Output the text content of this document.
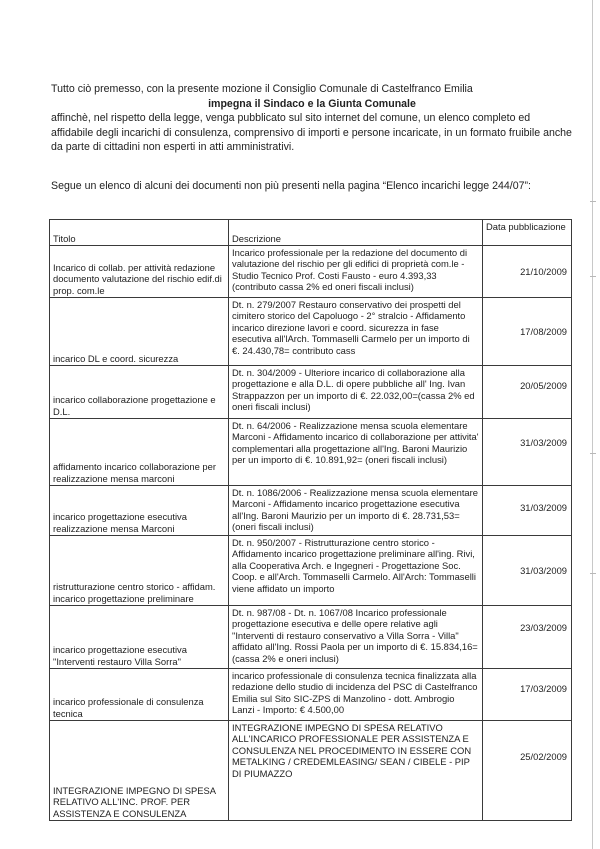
Tutto ciò premesso, con la presente mozione il Consiglio Comunale di Castelfranco Emilia

impegna il Sindaco e la Giunta Comunale

affinchè, nel rispetto della legge, venga pubblicato sul sito internet del comune, un elenco completo ed affidabile degli incarichi di consulenza, comprensivo di importi e persone incaricate, in un formato fruibile anche da parte di cittadini non esperti in atti amministrativi.

Segue un elenco di alcuni dei documenti non più presenti nella pagina “Elenco incarichi legge 244/07”:
Titolo	Descrizione	Data pubblicazione
Incarico di collab. per attività redazione documento valutazione del rischio edif.di prop. com.le	Incarico professionale per la redazione del documento di valutazione del rischio per gli edifici di proprietà com.le - Studio Tecnico Prof. Costi Fausto - euro 4.393,33 (contributo cassa 2% ed oneri fiscali inclusi)	21/10/2009
incarico DL e coord. sicurezza	Dt. n. 279/2007 Restauro conservativo dei prospetti del cimitero storico del Capoluogo - 2° stralcio - Affidamento incarico direzione lavori e coord. sicurezza in fase esecutiva all'lArch. Tommaselli Carmelo per un importo di €. 24.430,78= contributo cass	17/08/2009
incarico collaborazione progettazione e D.L.	Dt. n. 304/2009 - Ulteriore incarico di collaborazione alla progettazione e alla D.L. di opere pubbliche all' Ing. Ivan Strappazzon per un importo di €. 22.032,00=(cassa 2% ed oneri fiscali inclusi)	20/05/2009
affidamento incarico collaborazione per realizzazione mensa marconi	Dt. n. 64/2006 - Realizzazione mensa scuola elementare Marconi - Affidamento incarico di collaborazione per attivita' complementari alla progettazione all'Ing. Baroni Maurizio per un importo di €. 10.891,92= (oneri fiscali inclusi)	31/03/2009
incarico progettazione esecutiva realizzazione mensa Marconi	Dt. n. 1086/2006 - Realizzazione mensa scuola elementare Marconi - Affidamento incarico progettazione esecutiva all'Ing. Baroni Maurizio per un importo di €. 28.731,53= (oneri fiscali inclusi)	31/03/2009
ristrutturazione centro storico - affidam. incarico progettazione preliminare	Dt. n. 950/2007 - Ristrutturazione centro storico - Affidamento incarico progettazione preliminare all'ing. Rivi, alla Cooperativa Arch. e Ingegneri - Progettazione Soc. Coop. e all'Arch. Tommaselli Carmelo. All'Arch: Tommaselli viene affidato un importo	31/03/2009
incarico progettazione esecutiva "Interventi restauro Villa Sorra"	Dt. n. 987/08 - Dt. n. 1067/08 Incarico professionale progettazione esecutiva e delle opere relative agli "Interventi di restauro conservativo a Villa Sorra - Villa" affidato all'Ing. Rossi Paola per un importo di €. 15.834,16= (cassa 2% e oneri inclusi)	23/03/2009
incarico professionale di consulenza tecnica	incarico professionale di consulenza tecnica finalizzata alla redazione dello studio di incidenza del PSC di Castelfranco Emilia sul Sito SIC-ZPS di Manzolino - dott. Ambrogio Lanzi - Importo: € 4.500,00	17/03/2009
INTEGRAZIONE IMPEGNO DI SPESA RELATIVO ALL'INC. PROF. PER ASSISTENZA E CONSULENZA	INTEGRAZIONE IMPEGNO DI SPESA RELATIVO ALL'INCARICO PROFESSIONALE PER ASSISTENZA E CONSULENZA NEL PROCEDIMENTO IN ESSERE CON METALKING / CREDEMLEASING/ SEAN / CIBELE - PIP DI PIUMAZZO	25/02/2009
